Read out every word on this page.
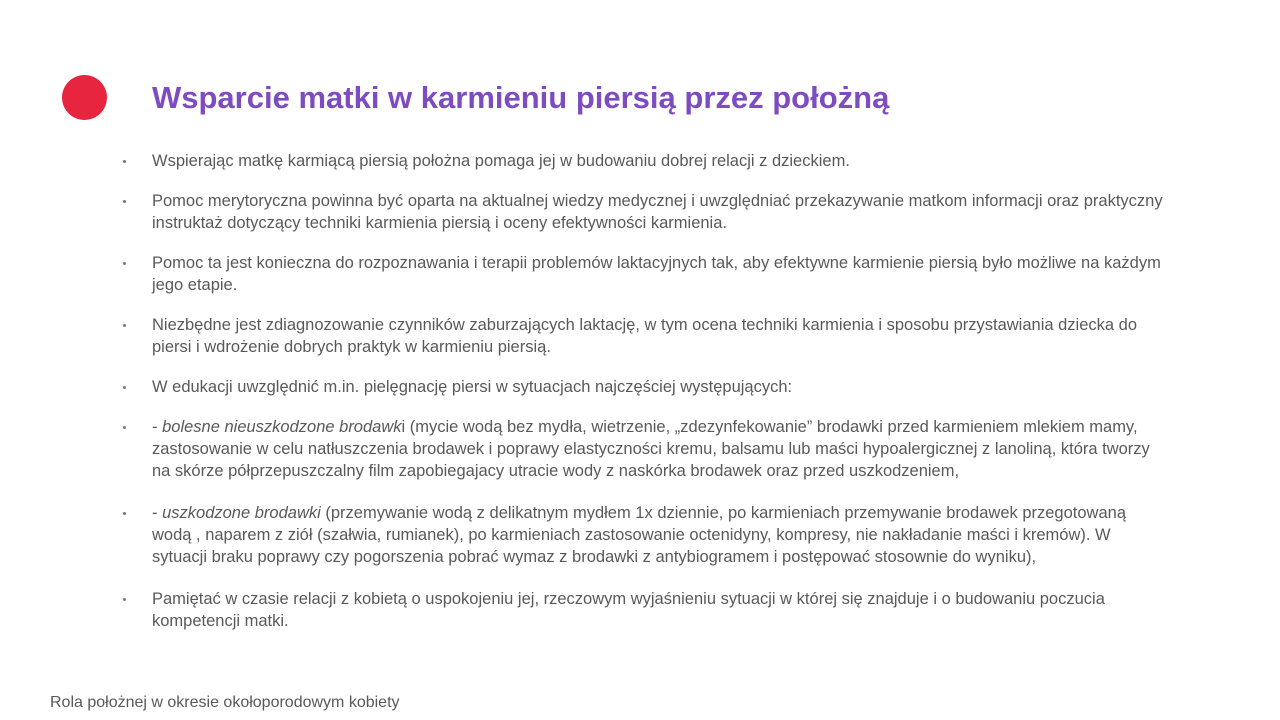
Wsparcie matki w karmieniu piersią przez położną
Wspierając matkę karmiącą piersią położna pomaga jej w budowaniu dobrej relacji z dzieckiem.
Pomoc merytoryczna powinna być oparta na aktualnej wiedzy medycznej i uwzględniać przekazywanie matkom informacji oraz praktyczny instruktaż dotyczący techniki karmienia piersią i oceny efektywności karmienia.
Pomoc ta jest konieczna do rozpoznawania i terapii problemów laktacyjnych tak, aby efektywne karmienie piersią było możliwe na każdym jego etapie.
Niezbędne jest zdiagnozowanie czynników zaburzających laktację, w tym ocena techniki karmienia i sposobu przystawiania dziecka do piersi i wdrożenie dobrych praktyk w karmieniu piersią.
W edukacji uwzględnić m.in. pielęgnację piersi w sytuacjach najczęściej występujących:
- bolesne nieuszkodzone brodawki (mycie wodą bez mydła, wietrzenie, „zdezynfekowanie” brodawki przed karmieniem mlekiem mamy, zastosowanie w celu natłuszczenia brodawek i poprawy elastyczności kremu, balsamu lub maści hypoalergicznej z lanoliną, która tworzy na skórze półprzepuszczalny film zapobiegajacy utracie wody z naskórka brodawek oraz przed uszkodzeniem,
- uszkodzone brodawki (przemywanie wodą z delikatnym mydłem 1x dziennie, po karmieniach przemywanie brodawek przegotowaną wodą , naparem z ziół (szałwia, rumianek), po karmieniach zastosowanie octenidyny, kompresy, nie nakładanie maści i kremów). W sytuacji braku poprawy czy pogorszenia pobrać wymaz z brodawki z antybiogramem i postępować stosownie do wyniku),
Pamiętać w czasie relacji z kobietą o uspokojeniu jej, rzeczowym wyjaśnieniu sytuacji w której się znajduje i o budowaniu poczucia kompetencji matki.
Rola położnej w okresie okołoporodowym kobiety
